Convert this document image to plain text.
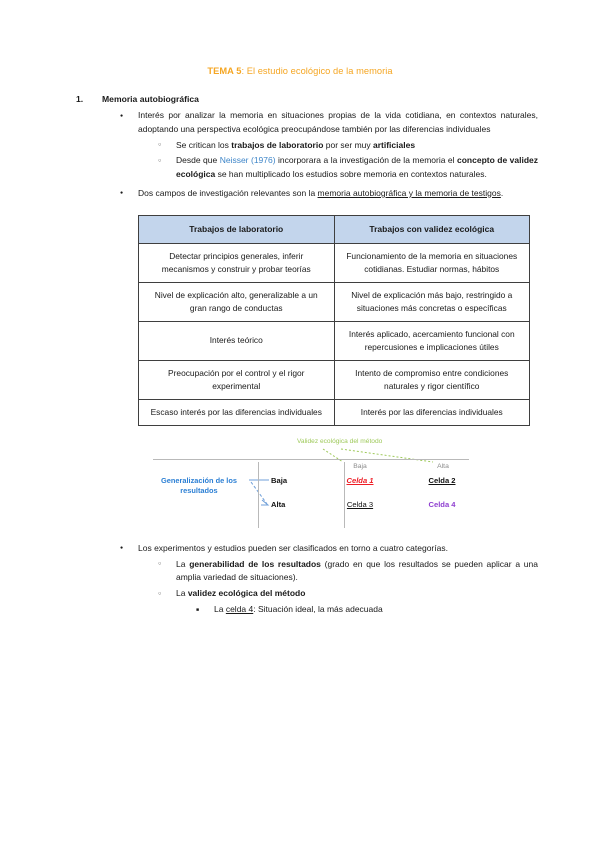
TEMA 5: El estudio ecológico de la memoria
1.	Memoria autobiográfica
●
Interés por analizar la memoria en situaciones propias de la vida cotidiana, en contextos naturales, adoptando una perspectiva ecológica preocupándose también por las diferencias individuales
○
Se critican los trabajos de laboratorio por ser muy artificiales
○
Desde que Neisser (1976) incorporara a la investigación de la memoria el concepto de validez ecológica se han multiplicado los estudios sobre memoria en contextos naturales.
●
Dos campos de investigación relevantes son la memoria autobiográfica y la memoria de testigos.
Trabajos de laboratorio	Trabajos con validez ecológica
Detectar principios generales, inferir mecanismos y construir y probar teorías	Funcionamiento de la memoria en situaciones cotidianas. Estudiar normas, hábitos
Nivel de explicación alto, generalizable a un gran rango de conductas	Nivel de explicación más bajo, restringido a situaciones más concretas o específicas
Interés teórico	Interés aplicado, acercamiento funcional con repercusiones e implicaciones útiles
Preocupación por el control y el rigor experimental	Intento de compromiso entre condiciones naturales y rigor científico
Escaso interés por las diferencias individuales	Interés por las diferencias individuales
Validez ecológica del método
Baja	Alta
Generalización de los resultados
Baja
Alta
Celda 1	Celda 2
Celda 3	Celda 4
●
Los experimentos y estudios pueden ser clasificados en torno a cuatro categorías.
○
La generabilidad de los resultados (grado en que los resultados se pueden aplicar a una amplia variedad de situaciones).
○
La validez ecológica del método
■
La celda 4: Situación ideal, la más adecuada
